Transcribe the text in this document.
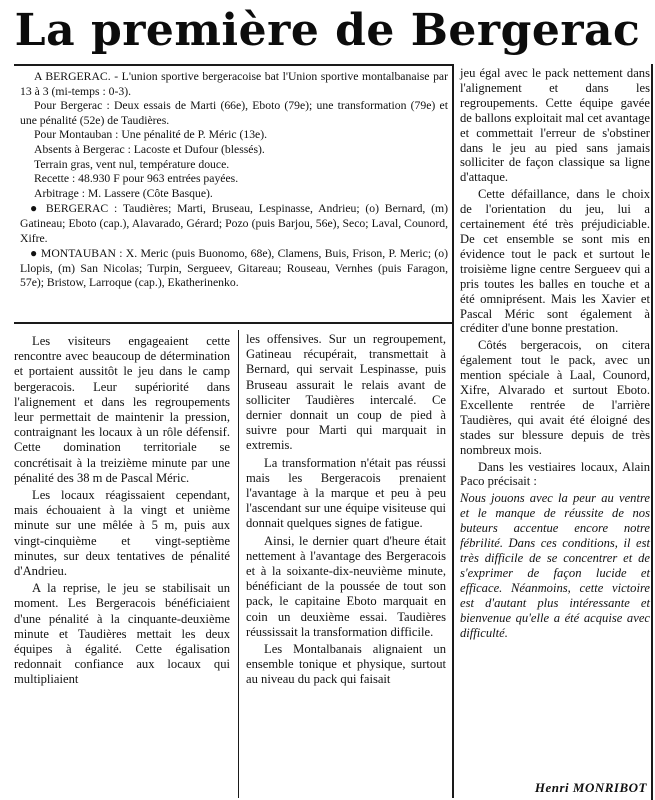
La première de Bergerac

A BERGERAC. - L'union sportive bergeracoise bat l'Union sportive montalbanaise par 13 à 3 (mi-temps : 0-3).

Pour Bergerac : Deux essais de Marti (66e), Eboto (79e); une transformation (79e) et une pénalité (52e) de Taudières.

Pour Montauban : Une pénalité de P. Méric (13e).

Absents à Bergerac : Lacoste et Dufour (blessés).

Terrain gras, vent nul, température douce.

Recette : 48.930 F pour 963 entrées payées.

Arbitrage : M. Lassere (Côte Basque).

● BERGERAC : Taudières; Marti, Bruseau, Lespinasse, Andrieu; (o) Bernard, (m) Gatineau; Eboto (cap.), Alavarado, Gérard; Pozo (puis Barjou, 56e), Seco; Laval, Counord, Xifre.

● MONTAUBAN : X. Meric (puis Buonomo, 68e), Clamens, Buis, Frison, P. Meric; (o) Llopis, (m) San Nicolas; Turpin, Sergueev, Gitareau; Rouseau, Vernhes (puis Faragon, 57e); Bristow, Larroque (cap.), Ekatherinenko.

Les visiteurs engageaient cette rencontre avec beaucoup de détermination et portaient aussitôt le jeu dans le camp bergeracois. Leur supériorité dans l'alignement et dans les regroupements leur permettait de maintenir la pression, contraignant les locaux à un rôle défensif. Cette domination territoriale se concrétisait à la treizième minute par une pénalité des 38 m de Pascal Méric.

Les locaux réagissaient cependant, mais échouaient à la vingt et unième minute sur une mêlée à 5 m, puis aux vingt-cinquième et vingt-septième minutes, sur deux tentatives de pénalité d'Andrieu.

A la reprise, le jeu se stabilisait un moment. Les Bergeracois bénéficiaient d'une pénalité à la cinquante-deuxième minute et Taudières mettait les deux équipes à égalité. Cette égalisation redonnait confiance aux locaux qui multipliaient

les offensives. Sur un regroupement, Gatineau récupérait, transmettait à Bernard, qui servait Lespinasse, puis Bruseau assurait le relais avant de solliciter Taudières intercalé. Ce dernier donnait un coup de pied à suivre pour Marti qui marquait in extremis.

La transformation n'était pas réussi mais les Bergeracois prenaient l'avantage à la marque et peu à peu l'ascendant sur une équipe visiteuse qui donnait quelques signes de fatigue.

Ainsi, le dernier quart d'heure était nettement à l'avantage des Bergeracois et à la soixante-dix-neuvième minute, bénéficiant de la poussée de tout son pack, le capitaine Eboto marquait en coin un deuxième essai. Taudières réussissait la transformation difficile.

Les Montalbanais alignaient un ensemble tonique et physique, surtout au niveau du pack qui faisait

jeu égal avec le pack nettement dans l'alignement et dans les regroupements. Cette équipe gavée de ballons exploitait mal cet avantage et commettait l'erreur de s'obstiner dans le jeu au pied sans jamais solliciter de façon classique sa ligne d'attaque.

Cette défaillance, dans le choix de l'orientation du jeu, lui a certainement été très préjudiciable. De cet ensemble se sont mis en évidence tout le pack et surtout le troisième ligne centre Sergueev qui a pris toutes les balles en touche et a été omniprésent. Mais les Xavier et Pascal Méric sont également à créditer d'une bonne prestation.

Côtés bergeracois, on citera également tout le pack, avec un mention spéciale à Laal, Counord, Xifre, Alvarado et surtout Eboto. Excellente rentrée de l'arrière Taudières, qui avait été éloigné des stades sur blessure depuis de très nombreux mois.

Dans les vestiaires locaux, Alain Paco précisait :

Nous jouons avec la peur au ventre et le manque de réussite de nos buteurs accentue encore notre fébrilité. Dans ces conditions, il est très difficile de se concentrer et de s'exprimer de façon lucide et efficace. Néanmoins, cette victoire est d'autant plus intéressante et bienvenue qu'elle a été acquise avec difficulté.

Henri MONRIBOT
